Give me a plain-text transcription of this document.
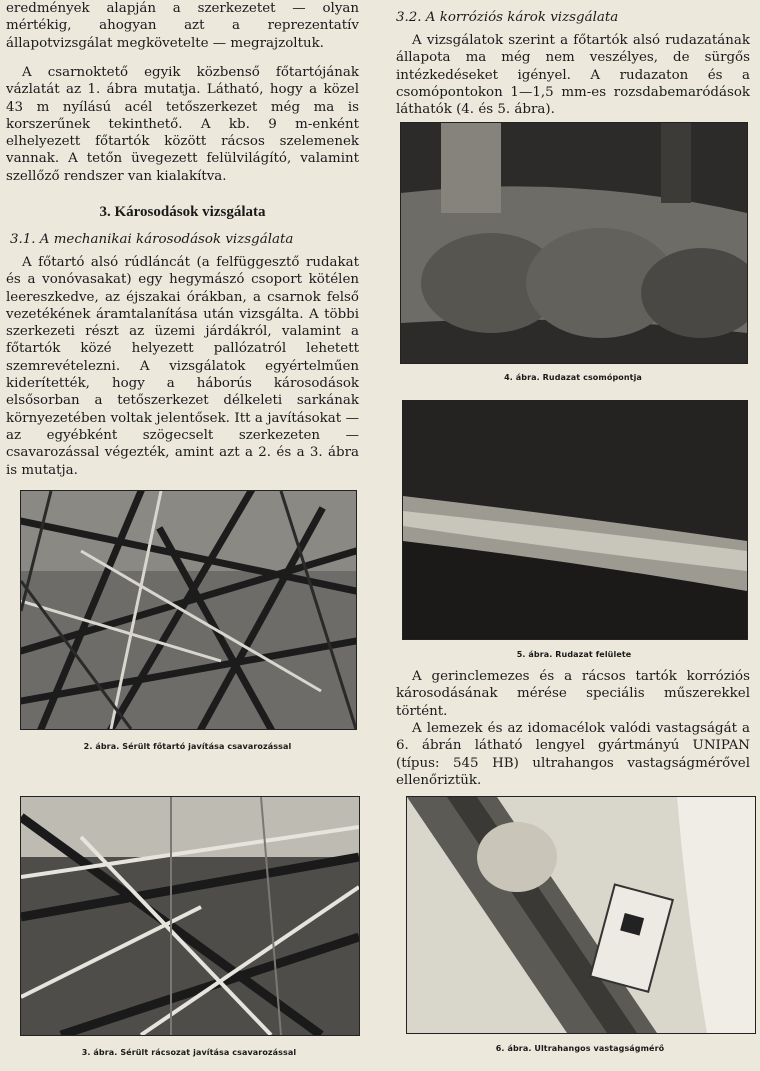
eredmények alapján a szerkezetet — olyan mértékig, ahogyan azt a reprezentatív állapotvizsgálat megkövetelte — megrajzoltuk.

A csarnoktető egyik közbenső főtartójának vázlatát az 1. ábra mutatja. Látható, hogy a közel 43 m nyílású acél tetőszerkezet még ma is korszerűnek tekinthető. A kb. 9 m-enként elhelyezett főtartók között rácsos szelemenek vannak. A tetőn üvegezett felülvilágító, valamint szellőző rendszer van kialakítva.

3. Károsodások vizsgálata
3.1. A mechanikai károsodások vizsgálata

A főtartó alsó rúdláncát (a felfüggesztő rudakat és a vonóvasakat) egy hegymászó csoport kötélen leereszkedve, az éjszakai órákban, a csarnok felső vezetékének áramtalanítása után vizsgálta. A többi szerkezeti részt az üzemi járdákról, valamint a főtartók közé helyezett pallózatról lehetett szemrevételezni. A vizsgálatok egyértelműen kiderítették, hogy a háborús károsodások elsősorban a tetőszerkezet délkeleti sarkának környezetében voltak jelentősek. Itt a javításokat — az egyébként szögecselt szerkezeten — csavarozással végezték, amint azt a 2. és a 3. ábra is mutatja.

2. ábra. Sérült főtartó javítása csavarozással
3. ábra. Sérült rácsozat javítása csavarozással
3.2. A korróziós károk vizsgálata

A vizsgálatok szerint a főtartók alsó rudazatának állapota ma még nem veszélyes, de sürgős intézkedéseket igényel. A rudazaton és a csomópontokon 1—1,5 mm-es rozsdabemaródások láthatók (4. és 5. ábra).

4. ábra. Rudazat csomópontja
5. ábra. Rudazat felülete

A gerinclemezes és a rácsos tartók korróziós károsodásának mérése speciális műszerekkel történt.

A lemezek és az idomacélok valódi vastagságát a 6. ábrán látható lengyel gyártmányú UNIPAN (típus: 545 HB) ultrahangos vastagságmérővel ellenőriztük.

6. ábra. Ultrahangos vastagságmérő
